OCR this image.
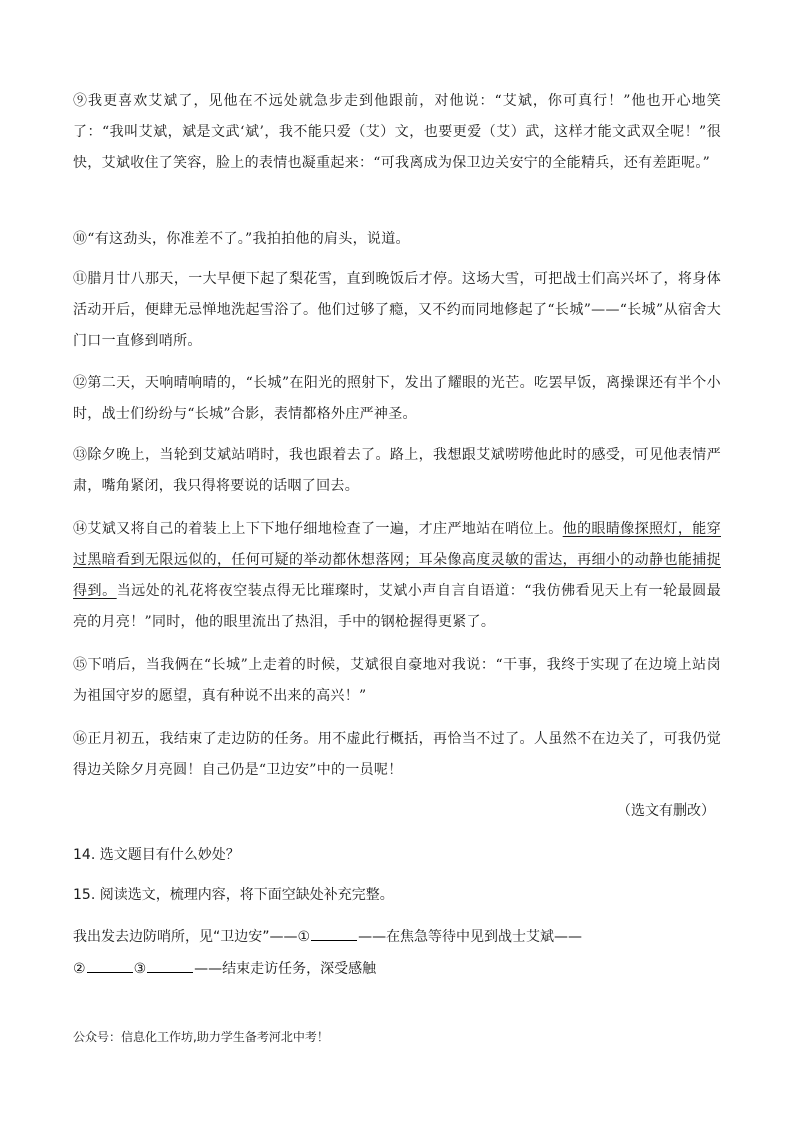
⑨我更喜欢艾斌了，见他在不远处就急步走到他跟前，对他说：“艾斌，你可真行！”他也开心地笑了：“我叫艾斌，斌是文武‘斌’，我不能只爱（艾）文，也要更爱（艾）武，这样才能文武双全呢！”很快，艾斌收住了笑容，脸上的表情也凝重起来：“可我离成为保卫边关安宁的全能精兵，还有差距呢。”
⑩“有这劲头，你准差不了。”我拍拍他的肩头，说道。
⑪腊月廿八那天，一大早便下起了梨花雪，直到晚饭后才停。这场大雪，可把战士们高兴坏了，将身体活动开后，便肆无忌惮地洗起雪浴了。他们过够了瘾，又不约而同地修起了“长城”——“长城”从宿舍大门口一直修到哨所。
⑫第二天，天响晴响晴的，“长城”在阳光的照射下，发出了耀眼的光芒。吃罢早饭，离操课还有半个小时，战士们纷纷与“长城”合影，表情都格外庄严神圣。
⑬除夕晚上，当轮到艾斌站哨时，我也跟着去了。路上，我想跟艾斌唠唠他此时的感受，可见他表情严肃，嘴角紧闭，我只得将要说的话咽了回去。
⑭艾斌又将自己的着装上上下下地仔细地检查了一遍，才庄严地站在哨位上。他的眼睛像探照灯，能穿过黑暗看到无限远似的，任何可疑的举动都休想落网；耳朵像高度灵敏的雷达，再细小的动静也能捕捉得到。当远处的礼花将夜空装点得无比璀璨时，艾斌小声自言自语道：“我仿佛看见天上有一轮最圆最亮的月亮！”同时，他的眼里流出了热泪，手中的钢枪握得更紧了。
⑮下哨后，当我俩在“长城”上走着的时候，艾斌很自豪地对我说：“干事，我终于实现了在边境上站岗为祖国守岁的愿望，真有种说不出来的高兴！”
⑯正月初五，我结束了走边防的任务。用不虚此行概括，再恰当不过了。人虽然不在边关了，可我仍觉得边关除夕月亮圆！自己仍是“卫边安”中的一员呢！
（选文有删改）
14. 选文题目有什么妙处？
15. 阅读选文，梳理内容，将下面空缺处补充完整。
我出发去边防哨所，见“卫边安”——①	——在焦急等待中见到战士艾斌——
②	③	——结束走访任务，深受感触
公众号：信息化工作坊,助力学生备考河北中考！
